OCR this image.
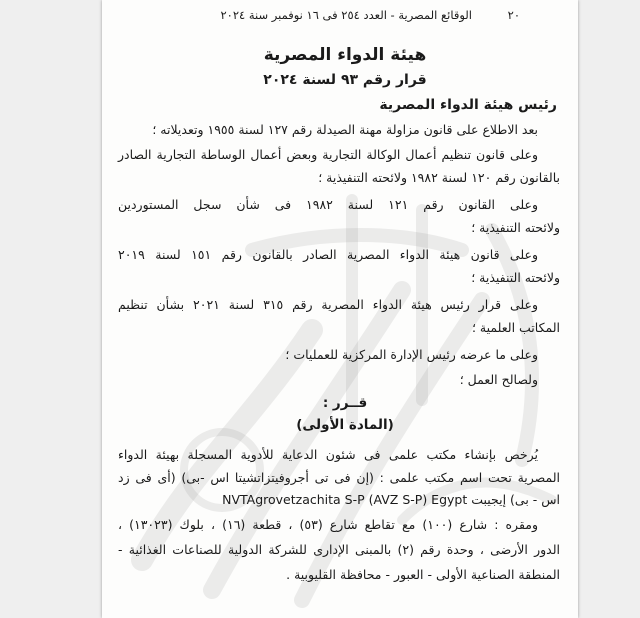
٢٠
الوقائع المصرية - العدد ٢٥٤ فى ١٦ نوفمبر سنة ٢٠٢٤
هيئة الدواء المصرية
قرار رقم ٩٣ لسنة ٢٠٢٤
رئيس هيئة الدواء المصرية
بعد الاطلاع على قانون مزاولة مهنة الصيدلة رقم ١٢٧ لسنة ١٩٥٥ وتعديلاته ؛
وعلى قانون تنظيم أعمال الوكالة التجارية وبعض أعمال الوساطة التجارية الصادر
بالقانون رقم ١٢٠ لسنة ١٩٨٢ ولائحته التنفيذية ؛
وعلى القانون رقم ١٢١ لسنة ١٩٨٢ فى شأن سجل المستوردين
ولائحته التنفيذية ؛
وعلى قانون هيئة الدواء المصرية الصادر بالقانون رقم ١٥١ لسنة ٢٠١٩
ولائحته التنفيذية ؛
وعلى قرار رئيس هيئة الدواء المصرية رقم ٣١٥ لسنة ٢٠٢١ بشأن تنظيم
المكاتب العلمية ؛
وعلى ما عرضه رئيس الإدارة المركزية للعمليات ؛
ولصالح العمل ؛
قــرر :
(المادة الأولى)
يُرخص بإنشاء مكتب علمى فى شئون الدعاية للأدوية المسجلة بهيئة الدواء
المصرية تحت اسم مكتب علمى : (إن فى تى أجروفيتزاتشيتا اس -بى) (أى فى زد
اس - بى) إيجيبت NVTAgrovetzachita S-P (AVZ S-P) Egypt
ومقره : شارع (١٠٠) مع تقاطع شارع (٥٣) ، قطعة (١٦) ، بلوك (١٣٠٢٣) ،
الدور الأرضى ، وحدة رقم (٢) بالمبنى الإدارى للشركة الدولية للصناعات الغذائية -
المنطقة الصناعية الأولى - العبور - محافظة القليوبية .
